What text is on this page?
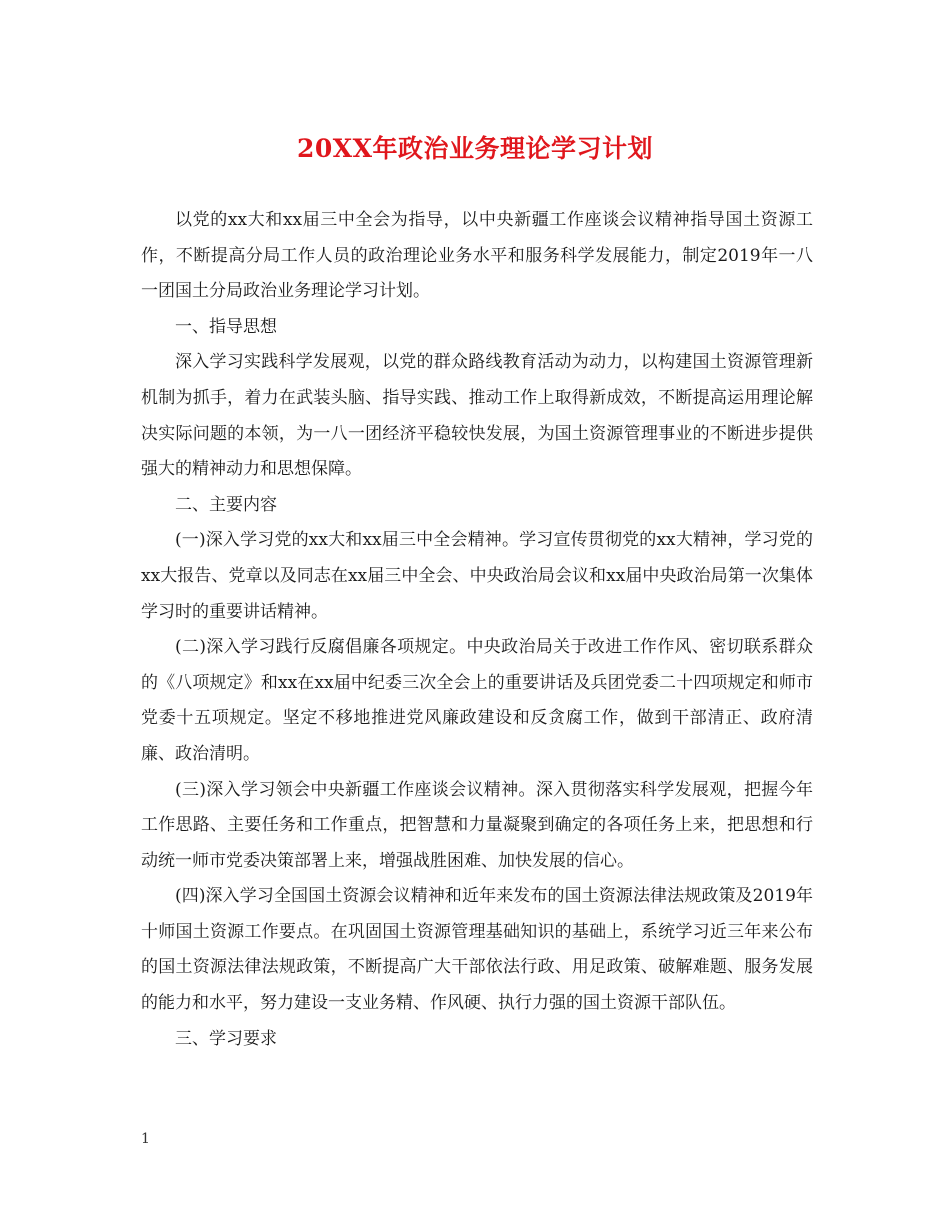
20XX年政治业务理论学习计划

以党的xx大和xx届三中全会为指导，以中央新疆工作座谈会议精神指导国土资源工作，不断提高分局工作人员的政治理论业务水平和服务科学发展能力，制定2019年一八一团国土分局政治业务理论学习计划。

一、指导思想

深入学习实践科学发展观，以党的群众路线教育活动为动力，以构建国土资源管理新机制为抓手，着力在武装头脑、指导实践、推动工作上取得新成效，不断提高运用理论解决实际问题的本领，为一八一团经济平稳较快发展，为国土资源管理事业的不断进步提供强大的精神动力和思想保障。

二、主要内容

(一)深入学习党的xx大和xx届三中全会精神。学习宣传贯彻党的xx大精神，学习党的xx大报告、党章以及同志在xx届三中全会、中央政治局会议和xx届中央政治局第一次集体学习时的重要讲话精神。

(二)深入学习践行反腐倡廉各项规定。中央政治局关于改进工作作风、密切联系群众的《八项规定》和xx在xx届中纪委三次全会上的重要讲话及兵团党委二十四项规定和师市党委十五项规定。坚定不移地推进党风廉政建设和反贪腐工作，做到干部清正、政府清廉、政治清明。

(三)深入学习领会中央新疆工作座谈会议精神。深入贯彻落实科学发展观，把握今年工作思路、主要任务和工作重点，把智慧和力量凝聚到确定的各项任务上来，把思想和行动统一师市党委决策部署上来，增强战胜困难、加快发展的信心。

(四)深入学习全国国土资源会议精神和近年来发布的国土资源法律法规政策及2019年十师国土资源工作要点。在巩固国土资源管理基础知识的基础上，系统学习近三年来公布的国土资源法律法规政策，不断提高广大干部依法行政、用足政策、破解难题、服务发展的能力和水平，努力建设一支业务精、作风硬、执行力强的国土资源干部队伍。

三、学习要求

1
